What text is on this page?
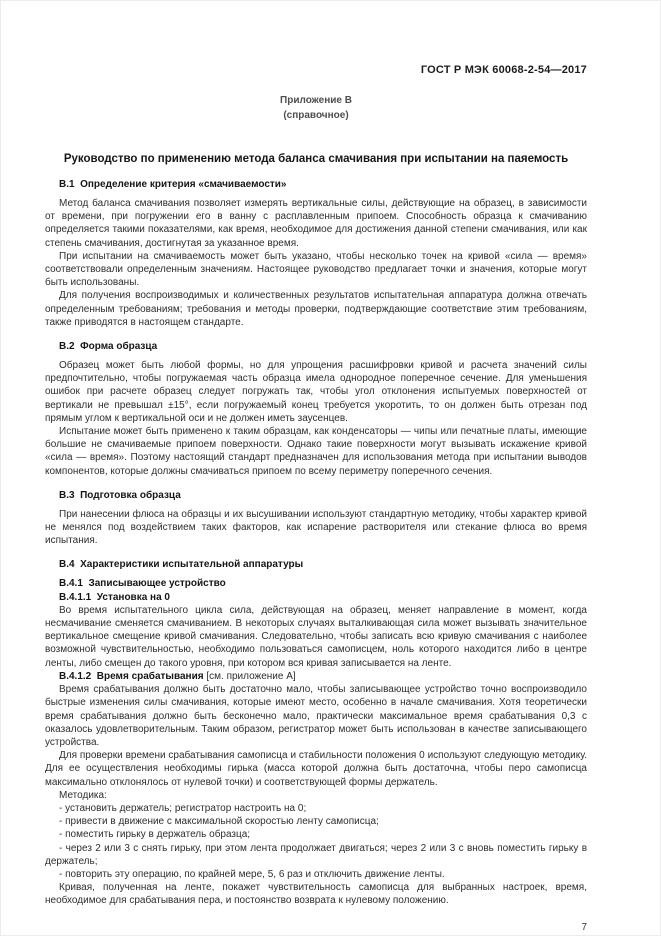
ГОСТ Р МЭК 60068-2-54—2017
Приложение В
(справочное)
Руководство по применению метода баланса смачивания при испытании на паяемость
В.1  Определение критерия «смачиваемости»

Метод баланса смачивания позволяет измерять вертикальные силы, действующие на образец, в зависимости от времени, при погружении его в ванну с расплавленным припоем. Способность образца к смачиванию определяется такими показателями, как время, необходимое для достижения данной степени смачивания, или как степень смачивания, достигнутая за указанное время.

При испытании на смачиваемость может быть указано, чтобы несколько точек на кривой «сила — время» соответствовали определенным значениям. Настоящее руководство предлагает точки и значения, которые могут быть использованы.

Для получения воспроизводимых и количественных результатов испытательная аппаратура должна отвечать определенным требованиям; требования и методы проверки, подтверждающие соответствие этим требованиям, также приводятся в настоящем стандарте.

В.2  Форма образца

Образец может быть любой формы, но для упрощения расшифровки кривой и расчета значений силы предпочтительно, чтобы погружаемая часть образца имела однородное поперечное сечение. Для уменьшения ошибок при расчете образец следует погружать так, чтобы угол отклонения испытуемых поверхностей от вертикали не превышал ±15°, если погружаемый конец требуется укоротить, то он должен быть отрезан под прямым углом к вертикальной оси и не должен иметь заусенцев.

Испытание может быть применено к таким образцам, как конденсаторы — чипы или печатные платы, имеющие большие не смачиваемые припоем поверхности. Однако такие поверхности могут вызывать искажение кривой «сила — время». Поэтому настоящий стандарт предназначен для использования метода при испытании выводов компонентов, которые должны смачиваться припоем по всему периметру поперечного сечения.

В.3  Подготовка образца

При нанесении флюса на образцы и их высушивании используют стандартную методику, чтобы характер кривой не менялся под воздействием таких факторов, как испарение растворителя или стекание флюса во время испытания.

В.4  Характеристики испытательной аппаратуры
В.4.1  Записывающее устройство
В.4.1.1  Установка на 0

Во время испытательного цикла сила, действующая на образец, меняет направление в момент, когда несмачивание сменяется смачиванием. В некоторых случаях выталкивающая сила может вызывать значительное вертикальное смещение кривой смачивания. Следовательно, чтобы записать всю кривую смачивания с наиболее возможной чувствительностью, необходимо пользоваться самописцем, ноль которого находится либо в центре ленты, либо смещен до такого уровня, при котором вся кривая записывается на ленте.

В.4.1.2  Время срабатывания [см. приложение А]

Время срабатывания должно быть достаточно мало, чтобы записывающее устройство точно воспроизводило быстрые изменения силы смачивания, которые имеют место, особенно в начале смачивания. Хотя теоретически время срабатывания должно быть бесконечно мало, практически максимальное время срабатывания 0,3 с оказалось удовлетворительным. Таким образом, регистратор может быть использован в качестве записывающего устройства.

Для проверки времени срабатывания самописца и стабильности положения 0 используют следующую методику. Для ее осуществления необходимы гирька (масса которой должна быть достаточна, чтобы перо самописца максимально отклонялось от нулевой точки) и соответствующей формы держатель.

Методика:

- установить держатель; регистратор настроить на 0;

- привести в движение с максимальной скоростью ленту самописца;

- поместить гирьку в держатель образца;

- через 2 или 3 с снять гирьку, при этом лента продолжает двигаться; через 2 или 3 с вновь поместить гирьку в держатель;

- повторить эту операцию, по крайней мере, 5, 6 раз и отключить движение ленты.

Кривая, полученная на ленте, покажет чувствительность самописца для выбранных настроек, время, необходимое для срабатывания пера, и постоянство возврата к нулевому положению.

7
